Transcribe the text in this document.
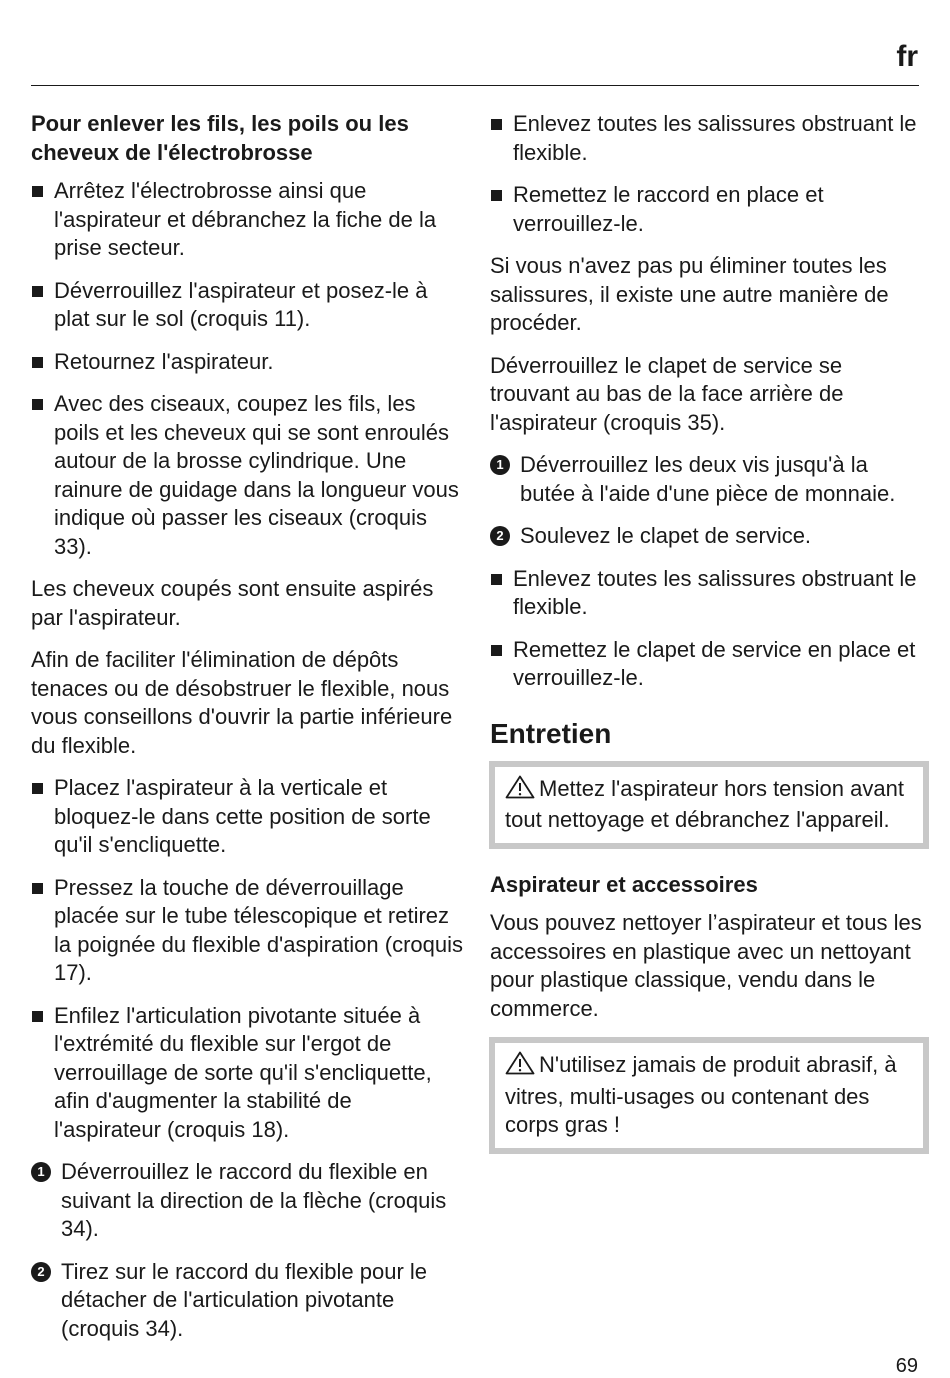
fr

Pour enlever les fils, les poils ou les cheveux de l'électrobrosse

Arrêtez l'électrobrosse ainsi que l'aspirateur et débranchez la fiche de la prise secteur.
Déverrouillez l'aspirateur et posez-le à plat sur le sol (croquis 11).
Retournez l'aspirateur.
Avec des ciseaux, coupez les fils, les poils et les cheveux qui se sont enroulés autour de la brosse cylindrique. Une rainure de guidage dans la longueur vous indique où passer les ciseaux (croquis 33).

Les cheveux coupés sont ensuite aspirés par l'aspirateur.

Afin de faciliter l'élimination de dépôts tenaces ou de désobstruer le flexible, nous vous conseillons d'ouvrir la partie inférieure du flexible.

Placez l'aspirateur à la verticale et bloquez-le dans cette position de sorte qu'il s'encliquette.
Pressez la touche de déverrouillage placée sur le tube télescopique et retirez la poignée du flexible d'aspiration (croquis 17).
Enfilez l'articulation pivotante située à l'extrémité du flexible sur l'ergot de verrouillage de sorte qu'il s'encliquette, afin d'augmenter la stabilité de l'aspirateur (croquis 18).
1 Déverrouillez le raccord du flexible en suivant la direction de la flèche (croquis 34).
2 Tirez sur le raccord du flexible pour le détacher de l'articulation pivotante (croquis 34).
Enlevez toutes les salissures obstruant le flexible.
Remettez le raccord en place et verrouillez-le.

Si vous n'avez pas pu éliminer toutes les salissures, il existe une autre manière de procéder.

Déverrouillez le clapet de service se trouvant au bas de la face arrière de l'aspirateur (croquis 35).

1 Déverrouillez les deux vis jusqu'à la butée à l'aide d'une pièce de monnaie.
2 Soulevez le clapet de service.
Enlevez toutes les salissures obstruant le flexible.
Remettez le clapet de service en place et verrouillez-le.
Entretien
Mettez l'aspirateur hors tension avant tout nettoyage et débranchez l'appareil.

Aspirateur et accessoires

Vous pouvez nettoyer l’aspirateur et tous les accessoires en plastique avec un nettoyant pour plastique classique, vendu dans le commerce.

N'utilisez jamais de produit abrasif, à vitres, multi-usages ou contenant des corps gras !
69
